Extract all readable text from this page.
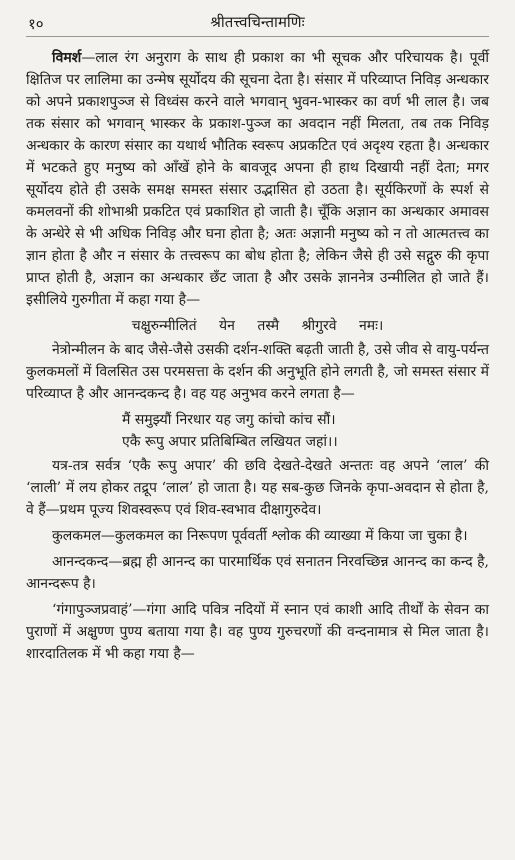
१०	श्रीतत्त्वचिन्तामणिः

विमर्श—लाल रंग अनुराग के साथ ही प्रकाश का भी सूचक और परिचायक है। पूर्वी क्षितिज पर लालिमा का उन्मेष सूर्योदय की सूचना देता है। संसार में परिव्याप्त निविड़ अन्धकार को अपने प्रकाशपुञ्ज से विध्वंस करने वाले भगवान् भुवन-भास्कर का वर्ण भी लाल है। जब तक संसार को भगवान् भास्कर के प्रकाश-पुञ्ज का अवदान नहीं मिलता, तब तक निविड़ अन्धकार के कारण संसार का यथार्थ भौतिक स्वरूप अप्रकटित एवं अदृश्य रहता है। अन्धकार में भटकते हुए मनुष्य को आँखें होने के बावजूद अपना ही हाथ दिखायी नहीं देता; मगर सूर्योदय होते ही उसके समक्ष समस्त संसार उद्भासित हो उठता है। सूर्यकिरणों के स्पर्श से कमलवनों की शोभाश्री प्रकटित एवं प्रकाशित हो जाती है। चूँकि अज्ञान का अन्धकार अमावस के अन्धेरे से भी अधिक निविड़ और घना होता है; अतः अज्ञानी मनुष्य को न तो आत्मतत्त्व का ज्ञान होता है और न संसार के तत्त्वरूप का बोध होता है; लेकिन जैसे ही उसे सद्गुरु की कृपा प्राप्त होती है, अज्ञान का अन्धकार छँट जाता है और उसके ज्ञाननेत्र उन्मीलित हो जाते हैं। इसीलिये गुरुगीता में कहा गया है—

चक्षुरुन्मीलितं येन तस्मै श्रीगुरवे नमः।

नेत्रोन्मीलन के बाद जैसे-जैसे उसकी दर्शन-शक्ति बढ़ती जाती है, उसे जीव से वायु-पर्यन्त कुलकमलों में विलसित उस परमसत्ता के दर्शन की अनुभूति होने लगती है, जो समस्त संसार में परिव्याप्त है और आनन्दकन्द है। वह यह अनुभव करने लगता है—

मैं समुझ्यौं निरधार यह जगु कांचो कांच सौं।
एकै रूपु अपार प्रतिबिम्बित लखियत जहां।।

यत्र-तत्र सर्वत्र ‘एकै रूपु अपार’ की छवि देखते-देखते अन्ततः वह अपने ‘लाल’ की ‘लाली’ में लय होकर तद्रूप ‘लाल’ हो जाता है। यह सब-कुछ जिनके कृपा-अवदान से होता है, वे हैं—प्रथम पूज्य शिवस्वरूप एवं शिव-स्वभाव दीक्षागुरुदेव।

कुलकमल—कुलकमल का निरूपण पूर्ववर्ती श्लोक की व्याख्या में किया जा चुका है।

आनन्दकन्द—ब्रह्म ही आनन्द का पारमार्थिक एवं सनातन निरवच्छिन्न आनन्द का कन्द है, आनन्दरूप है।

‘गंगापुञ्जप्रवाहं’—गंगा आदि पवित्र नदियों में स्नान एवं काशी आदि तीर्थों के सेवन का पुराणों में अक्षुण्ण पुण्य बताया गया है। वह पुण्य गुरुचरणों की वन्दनामात्र से मिल जाता है। शारदातिलक में भी कहा गया है—
